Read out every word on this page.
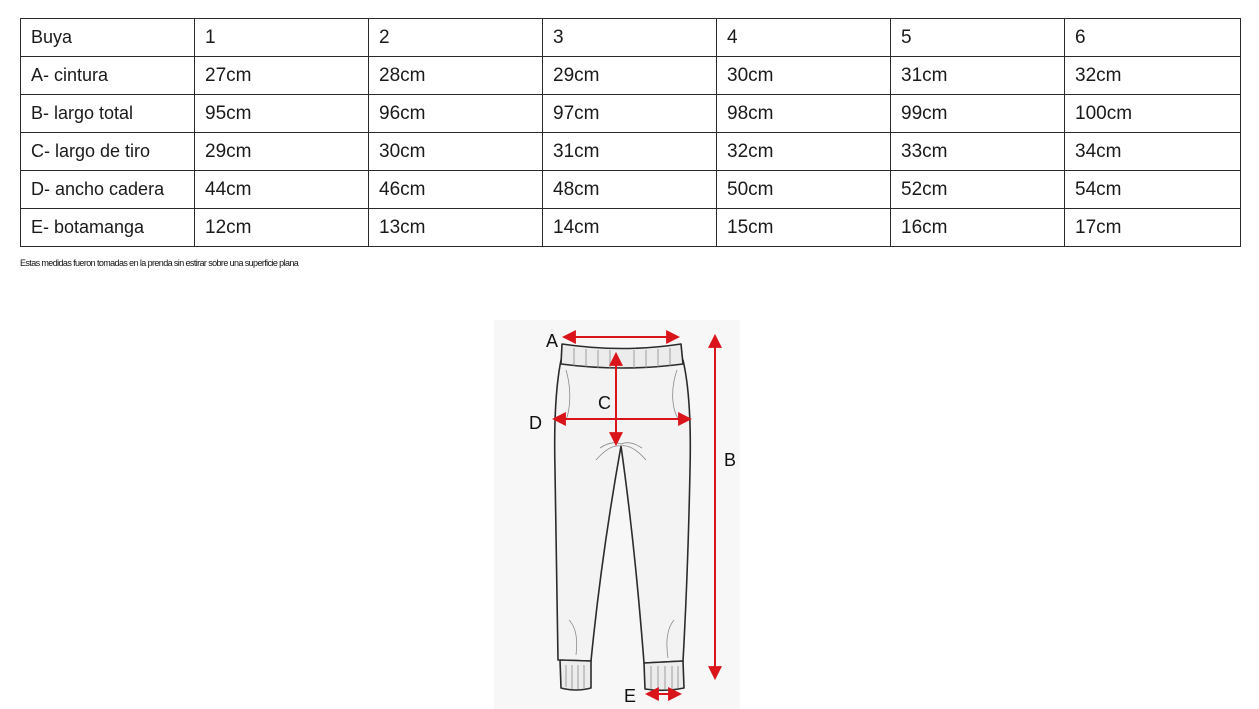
Buya	1	2	3	4	5	6
A- cintura	27cm	28cm	29cm	30cm	31cm	32cm
B- largo total	95cm	96cm	97cm	98cm	99cm	100cm
C- largo de tiro	29cm	30cm	31cm	32cm	33cm	34cm
D- ancho cadera	44cm	46cm	48cm	50cm	52cm	54cm
E- botamanga	12cm	13cm	14cm	15cm	16cm	17cm
Estas medidas fueron tomadas en la prenda sin estirar sobre una superficie plana
A
B
C
D
E
